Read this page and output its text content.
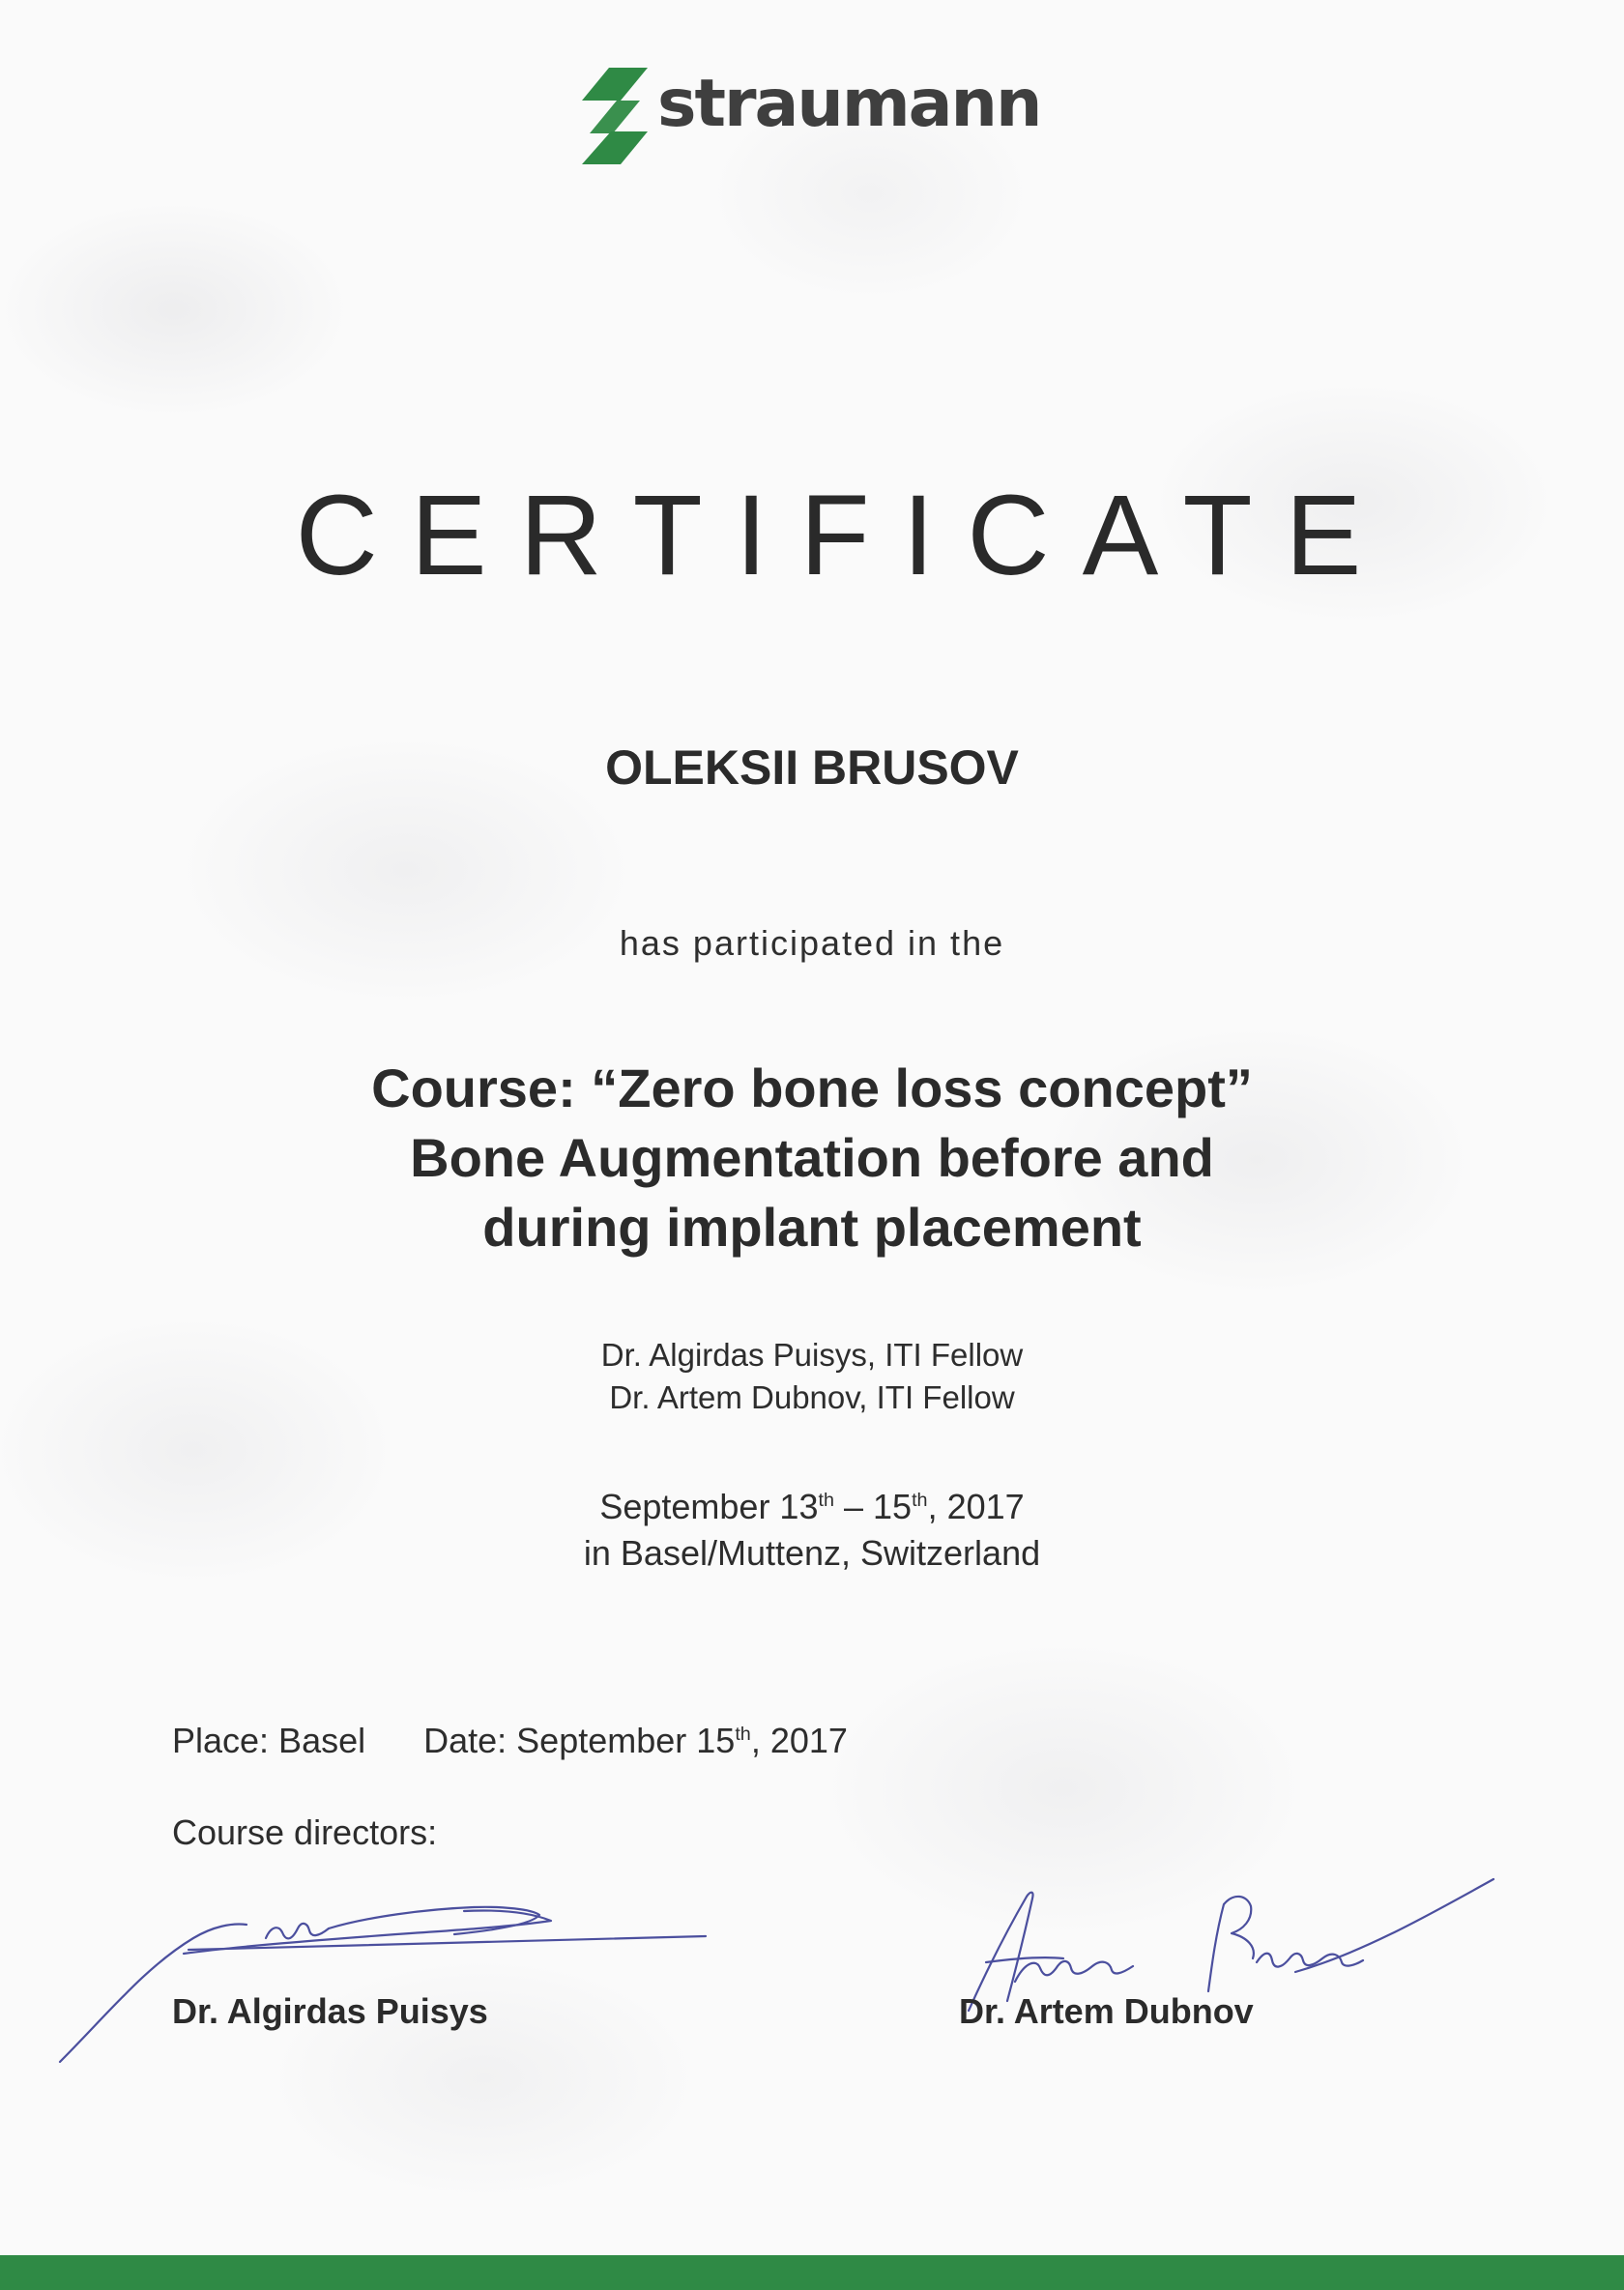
straumann
CERTIFICATE
OLEKSII BRUSOV
has participated in the
Course: “Zero bone loss concept”
Bone Augmentation before and
during implant placement
Dr. Algirdas Puisys, ITI Fellow
Dr. Artem Dubnov, ITI Fellow
September 13th – 15th, 2017
in Basel/Muttenz, Switzerland
Place: Basel Date: September 15th, 2017
Course directors:
Dr. Algirdas Puisys	Dr. Artem Dubnov
